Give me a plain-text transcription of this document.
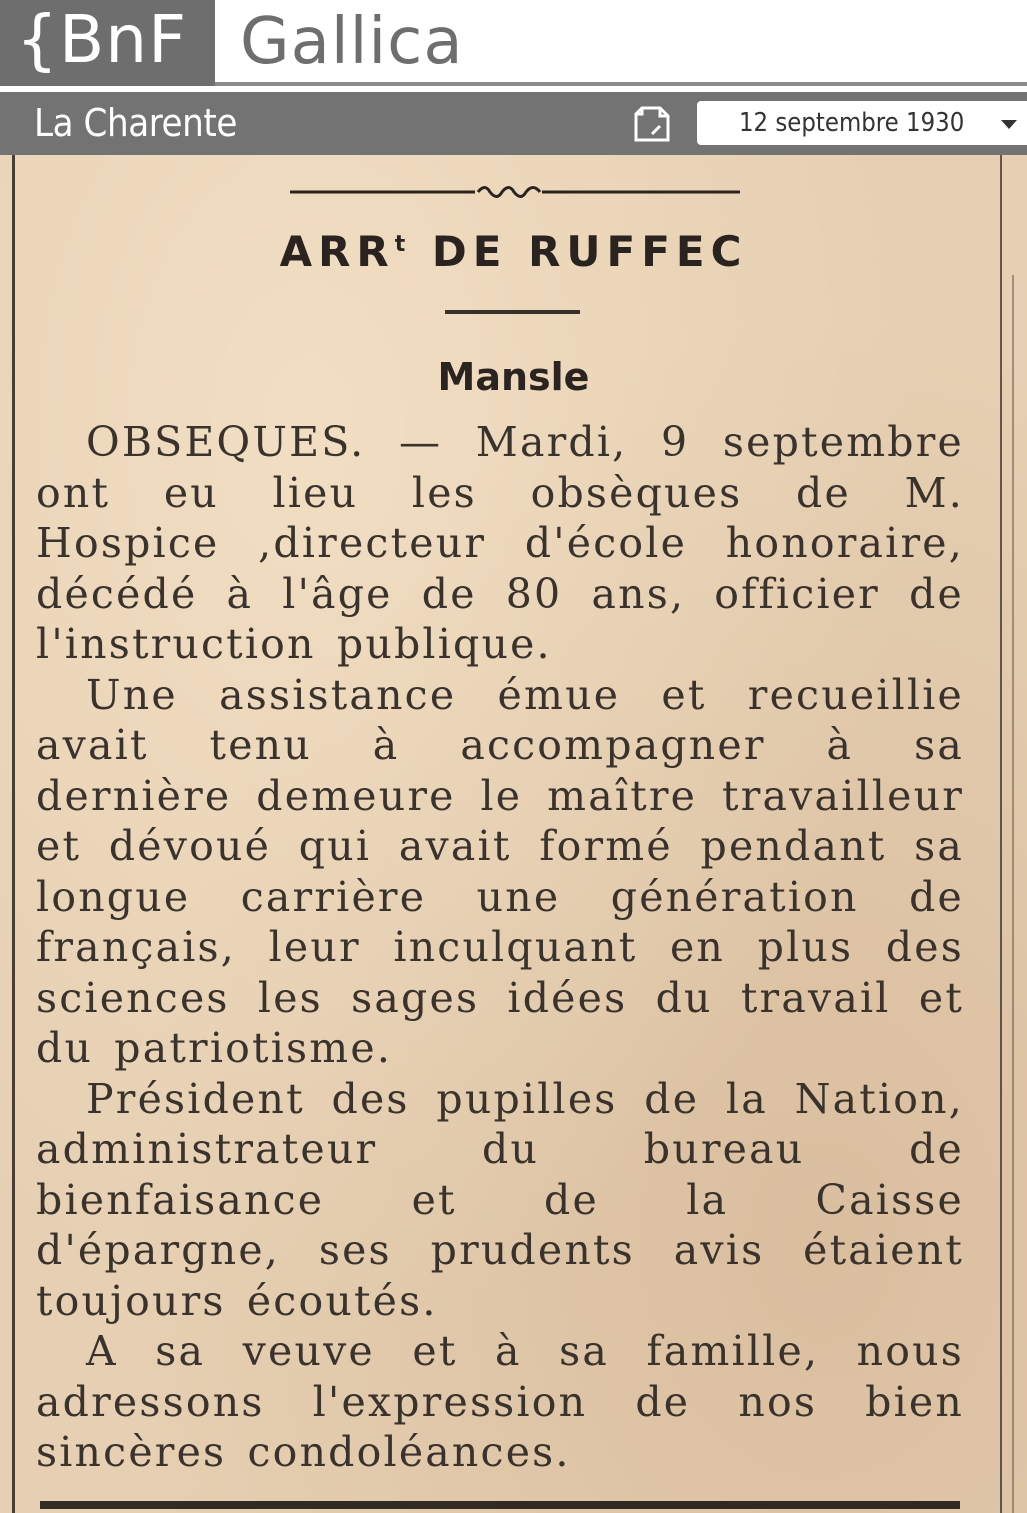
{BnF Gallica
La Charente	12 septembre 1930
ARR$^t$ DE RUFFEC
Mansle

OBSEQUES. — Mardi, 9 septembre ont eu lieu les obsèques de M. Hospice ,directeur d'école honoraire, décédé à l'âge de 80 ans, officier de l'instruction publique.

Une assistance émue et recueillie avait tenu à accompagner à sa dernière demeure le maître travailleur et dévoué qui avait formé pendant sa longue carrière une génération de français, leur inculquant en plus des sciences les sages idées du travail et du patriotisme.

Président des pupilles de la Nation, administrateur du bureau de bienfaisance et de la Caisse d'épargne, ses prudents avis étaient toujours écoutés.

A sa veuve et à sa famille, nous adressons l'expression de nos bien sincères condoléances.
